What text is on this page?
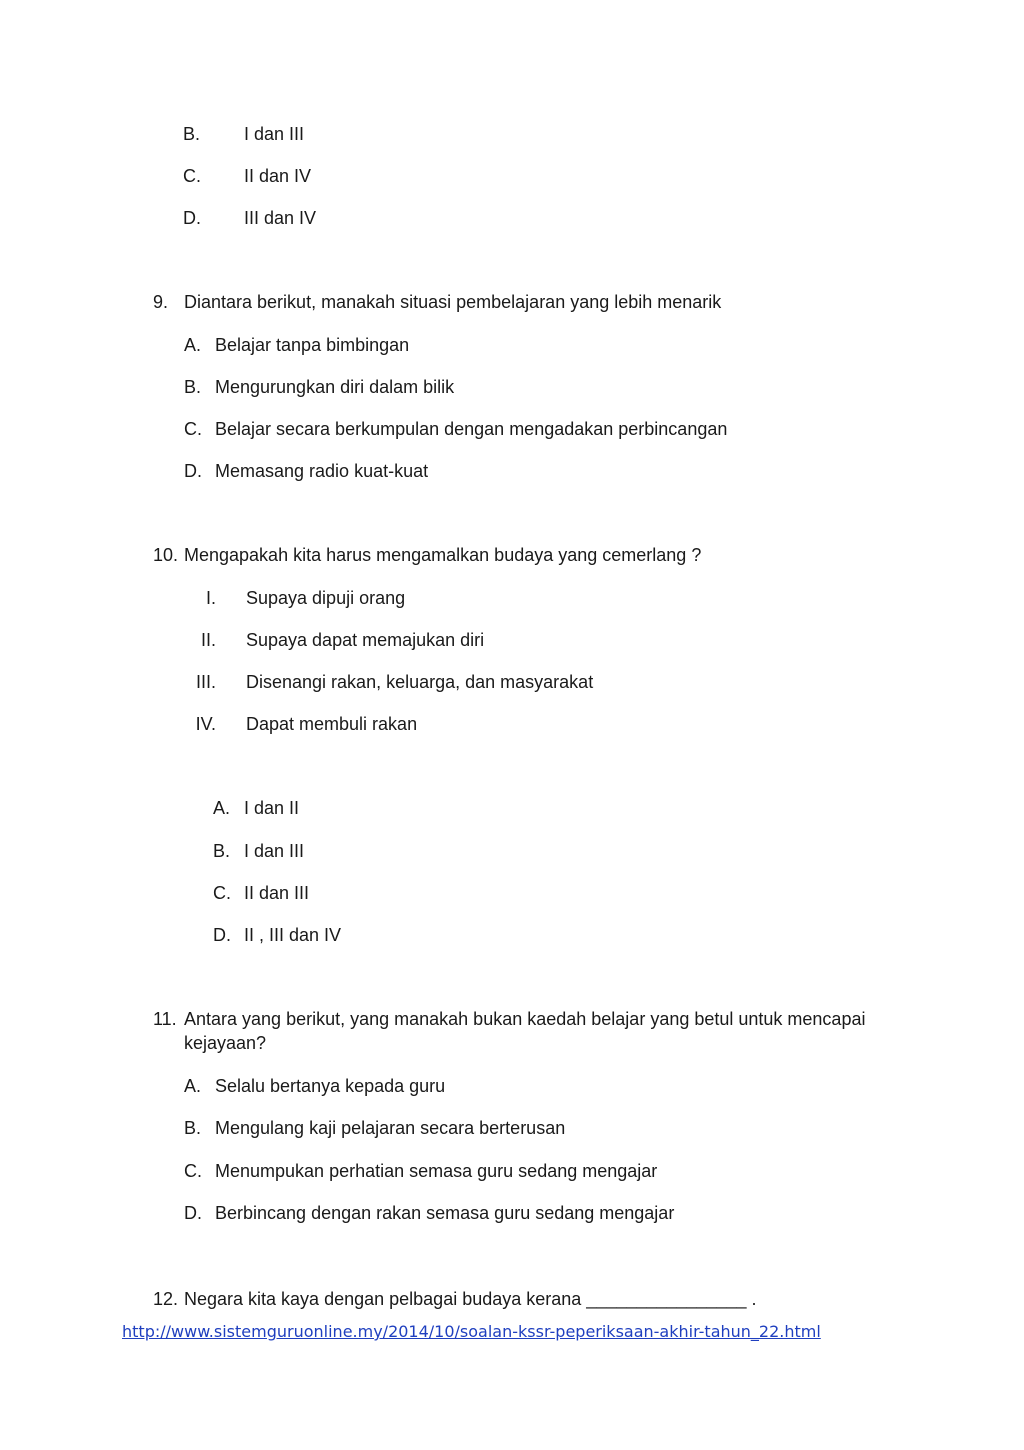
B. I dan III
C. II dan IV
D. III dan IV
9. Diantara berikut, manakah situasi pembelajaran yang lebih menarik
A. Belajar tanpa bimbingan
B. Mengurungkan diri dalam bilik
C. Belajar secara berkumpulan dengan mengadakan perbincangan
D. Memasang radio kuat-kuat
10. Mengapakah kita harus mengamalkan budaya yang cemerlang ?
I. Supaya dipuji orang
II. Supaya dapat memajukan diri
III. Disenangi rakan, keluarga, dan masyarakat
IV. Dapat membuli rakan
A. I dan II
B. I dan III
C. II dan III
D. II , III dan IV
11. Antara yang berikut, yang manakah bukan kaedah belajar yang betul untuk mencapai
kejayaan?
A. Selalu bertanya kepada guru
B. Mengulang kaji pelajaran secara berterusan
C. Menumpukan perhatian semasa guru sedang mengajar
D. Berbincang dengan rakan semasa guru sedang mengajar
12. Negara kita kaya dengan pelbagai budaya kerana ________________ .
http://www.sistemguruonline.my/2014/10/soalan-kssr-peperiksaan-akhir-tahun_22.html
